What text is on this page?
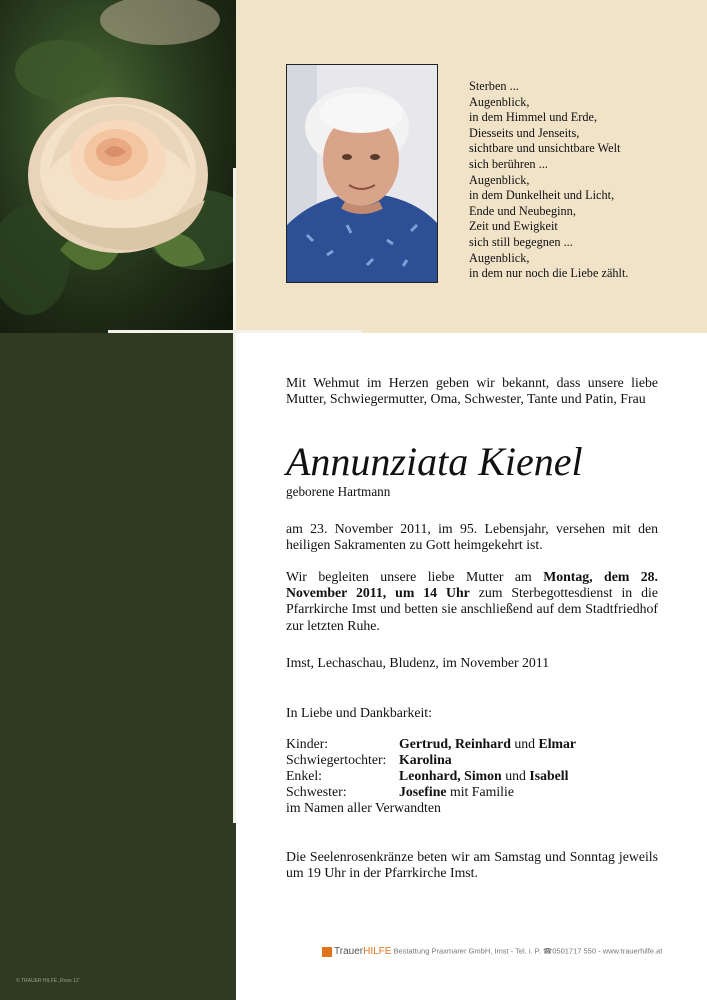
Sterben ...
Augenblick,
in dem Himmel und Erde,
Diesseits und Jenseits,
sichtbare und unsichtbare Welt
sich berühren ...
Augenblick,
in dem Dunkelheit und Licht,
Ende und Neubeginn,
Zeit und Ewigkeit
sich still begegnen ...
Augenblick,
in dem nur noch die Liebe zählt.
Mit Wehmut im Herzen geben wir bekannt, dass unsere liebe Mutter, Schwiegermutter, Oma, Schwester, Tante und Patin, Frau
Annunziata Kienel
geborene Hartmann
am 23. November 2011, im 95. Lebensjahr, versehen mit den heiligen Sakramenten zu Gott heimgekehrt ist.
Wir begleiten unsere liebe Mutter am Montag, dem 28. November 2011, um 14 Uhr zum Sterbegottesdienst in die Pfarrkirche Imst und betten sie anschließend auf dem Stadtfriedhof zur letzten Ruhe.
Imst, Lechaschau, Bludenz, im November 2011
In Liebe und Dankbarkeit:
Kinder:	Gertrud, Reinhard und Elmar
Schwiegertochter: Karolina
Enkel:	Leonhard, Simon und Isabell
Schwester:	Josefine mit Familie
im Namen aller Verwandten
Die Seelenrosenkränze beten wir am Samstag und Sonntag jeweils um 19 Uhr in der Pfarrkirche Imst.
TrauerHILFE Bestattung Praxmarer GmbH, Imst - Tel. i. P. ☎0501717 550 - www.trauerhilfe.at
© TRAUER HILFE „Rose 11“
